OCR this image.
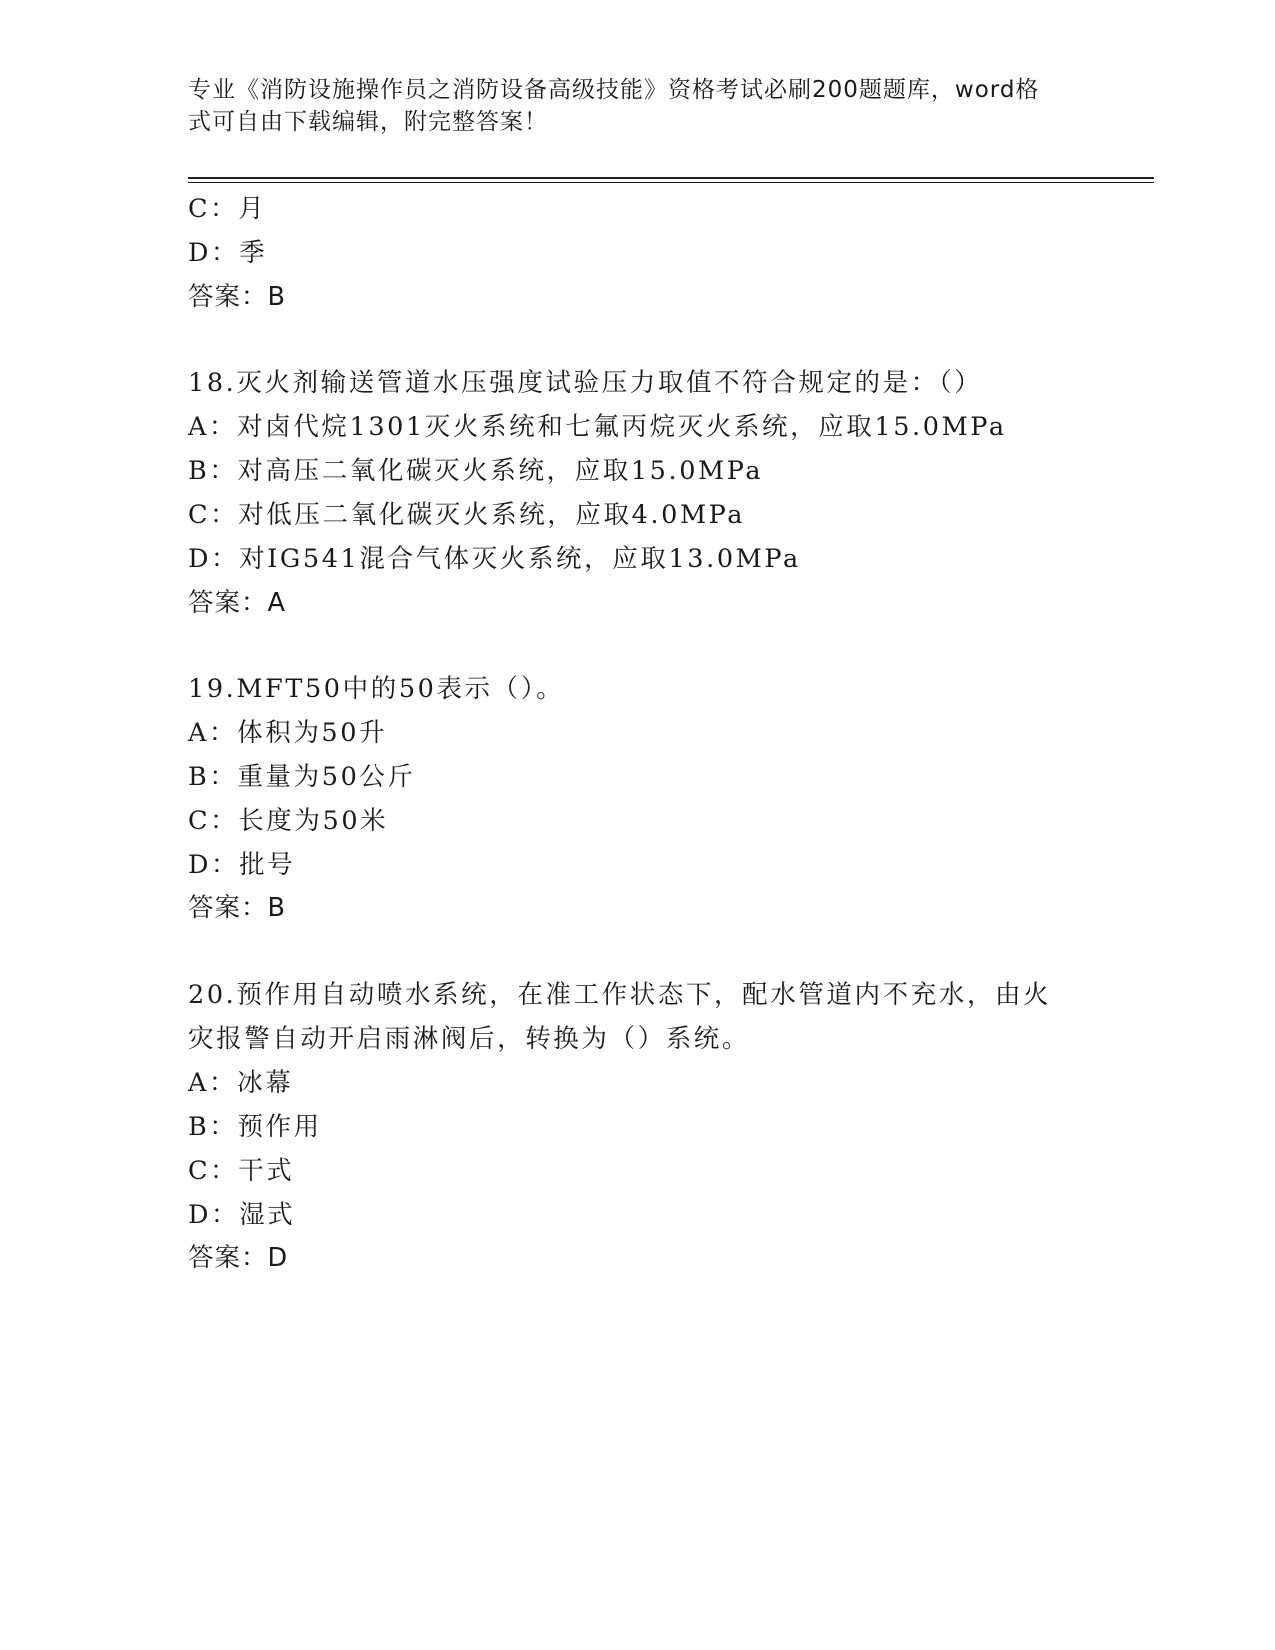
专业《消防设施操作员之消防设备高级技能》资格考试必刷200题题库，word格
式可自由下载编辑，附完整答案！
C：月
D：季
答案：B
18.灭火剂输送管道水压强度试验压力取值不符合规定的是：（）
A：对卤代烷1301灭火系统和七氟丙烷灭火系统，应取15.0MPa
B：对高压二氧化碳灭火系统，应取15.0MPa
C：对低压二氧化碳灭火系统，应取4.0MPa
D：对IG541混合气体灭火系统，应取13.0MPa
答案：A
19.MFT50中的50表示（）。
A：体积为50升
B：重量为50公斤
C：长度为50米
D：批号
答案：B
20.预作用自动喷水系统，在准工作状态下，配水管道内不充水，由火
灾报警自动开启雨淋阀后，转换为（）系统。
A：冰幕
B：预作用
C：干式
D：湿式
答案：D
